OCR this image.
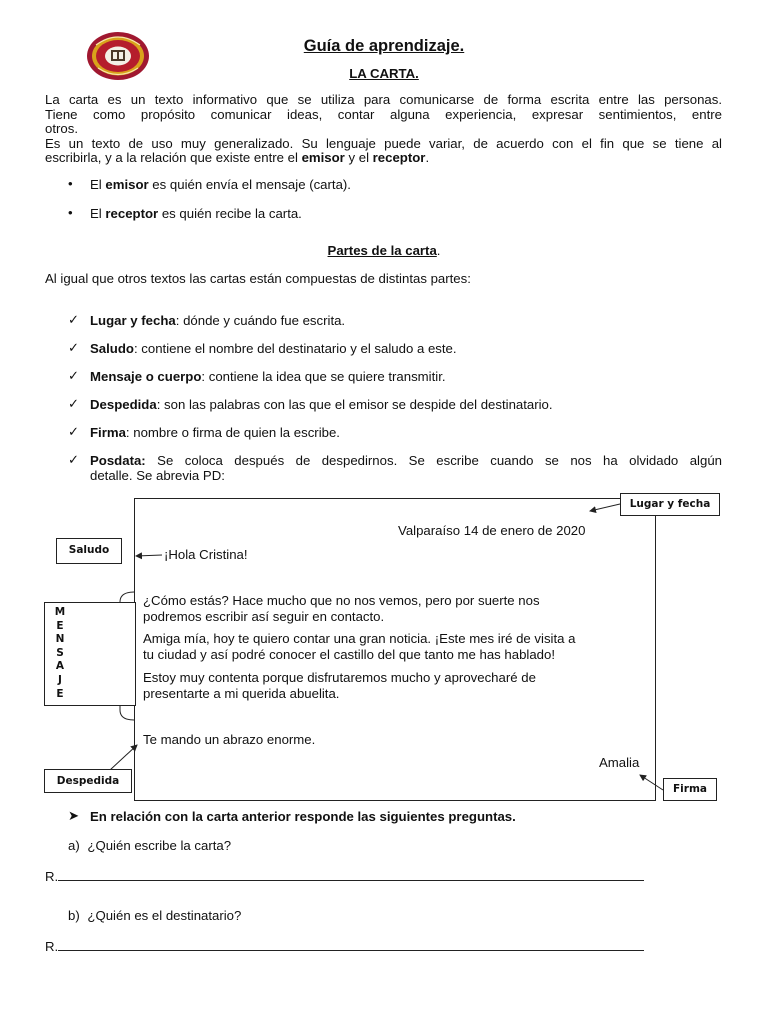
Guía de aprendizaje.
LA CARTA.
La carta es un texto informativo que se utiliza para comunicarse de forma escrita entre las personas.
Tiene como propósito comunicar ideas, contar alguna experiencia, expresar sentimientos, entre
otros.
Es un texto de uso muy generalizado. Su lenguaje puede variar, de acuerdo con el fin que se tiene al
escribirla, y a la relación que existe entre el emisor y el receptor.
• El emisor es quién envía el mensaje (carta).
• El receptor es quién recibe la carta.
Partes de la carta.
Al igual que otros textos las cartas están compuestas de distintas partes:
✓ Lugar y fecha: dónde y cuándo fue escrita.
✓ Saludo: contiene el nombre del destinatario y el saludo a este.
✓ Mensaje o cuerpo: contiene la idea que se quiere transmitir.
✓ Despedida: son las palabras con las que el emisor se despide del destinatario.
✓ Firma: nombre o firma de quien la escribe.
✓ Posdata: Se coloca después de despedirnos. Se escribe cuando se nos ha olvidado algún
detalle. Se abrevia PD:
Lugar y fecha
Saludo
M
E
N
S
A
J
E
Despedida
Firma
Valparaíso 14 de enero de 2020
¡Hola Cristina!
¿Cómo estás? Hace mucho que no nos vemos, pero por suerte nos
podremos escribir así seguir en contacto.
Amiga mía, hoy te quiero contar una gran noticia. ¡Este mes iré de visita a
tu ciudad y así podré conocer el castillo del que tanto me has hablado!
Estoy muy contenta porque disfrutaremos mucho y aprovecharé de
presentarte a mi querida abuelita.
Te mando un abrazo enorme.
Amalia
➤ En relación con la carta anterior responde las siguientes preguntas.
a) ¿Quién escribe la carta?
R.
b) ¿Quién es el destinatario?
R.
